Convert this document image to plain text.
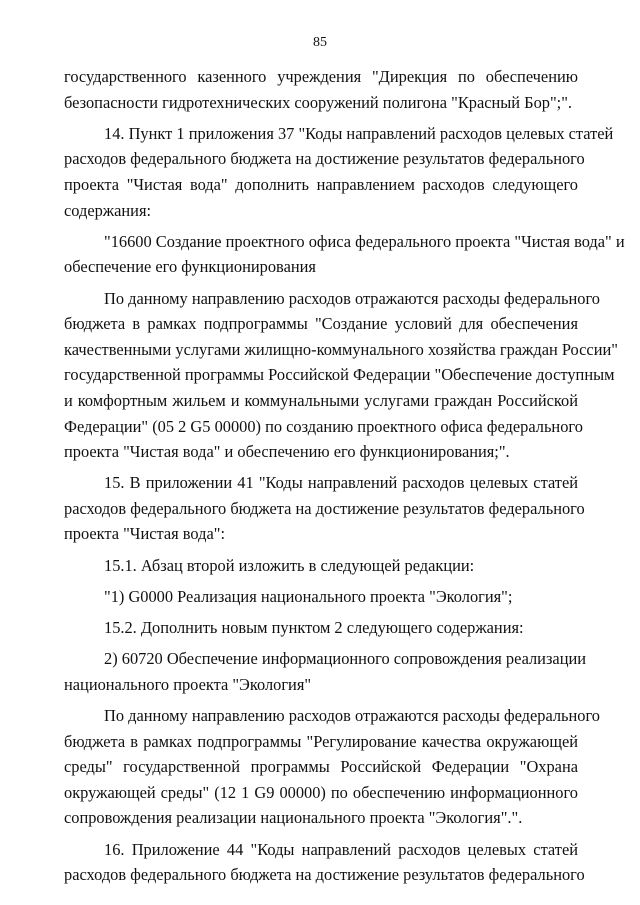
85
государственного казенного учреждения "Дирекция по обеспечению
безопасности гидротехнических сооружений полигона "Красный Бор";".
14. Пункт 1 приложения 37 "Коды направлений расходов целевых статей
расходов федерального бюджета на достижение результатов федерального
проекта "Чистая вода" дополнить направлением расходов следующего
содержания:
"16600 Создание проектного офиса федерального проекта "Чистая вода" и
обеспечение его функционирования
По данному направлению расходов отражаются расходы федерального
бюджета в рамках подпрограммы "Создание условий для обеспечения
качественными услугами жилищно-коммунального хозяйства граждан России"
государственной программы Российской Федерации "Обеспечение доступным
и комфортным жильем и коммунальными услугами граждан Российской
Федерации" (05 2 G5 00000) по созданию проектного офиса федерального
проекта "Чистая вода" и обеспечению его функционирования;".
15. В приложении 41 "Коды направлений расходов целевых статей
расходов федерального бюджета на достижение результатов федерального
проекта "Чистая вода":
15.1. Абзац второй изложить в следующей редакции:
"1) G0000 Реализация национального проекта "Экология";
15.2. Дополнить новым пунктом 2 следующего содержания:
2) 60720 Обеспечение информационного сопровождения реализации
национального проекта "Экология"
По данному направлению расходов отражаются расходы федерального
бюджета в рамках подпрограммы "Регулирование качества окружающей
среды" государственной программы Российской Федерации "Охрана
окружающей среды" (12 1 G9 00000) по обеспечению информационного
сопровождения реализации национального проекта "Экология".".
16. Приложение 44 "Коды направлений расходов целевых статей
расходов федерального бюджета на достижение результатов федерального
